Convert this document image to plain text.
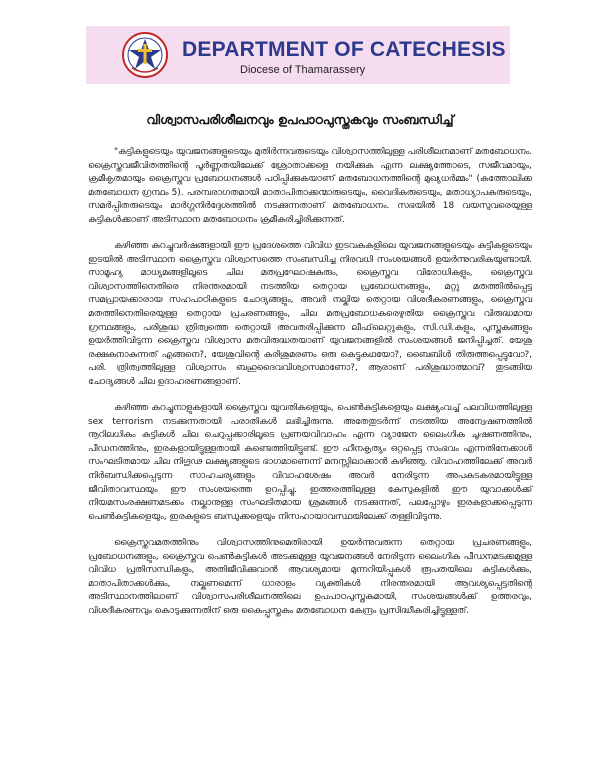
DEPARTMENT OF CATECHESIS
Diocese of Thamarassery
വിശ്വാസപരിശീലനവും ഉപപാഠപുസ്തകവും സംബന്ധിച്ച്

"കുട്ടികളുടെയും യുവജനങ്ങളുടെയും മുതിർന്നവരുടെയും വിശ്വാസത്തിലുള്ള പരിശീലനമാണ് മതബോധനം. ക്രൈസ്തവജീവിതത്തിന്റെ പൂർണ്ണതയിലേക്ക് ശ്രോതാക്കളെ നയിക്കുക എന്ന ലക്ഷ്യത്തോടെ, സജീവമായും, ക്രമീകൃതമായും ക്രൈസ്തവ പ്രബോധനങ്ങൾ പഠിപ്പിക്കുകയാണ് മതബോധനത്തിന്റെ മുഖ്യധർമ്മം" (കത്തോലിക്ക മതബോധന ഗ്രന്ഥം 5). പരമ്പരാഗതമായി മാതാപിതാക്കന്മാരുടെയും, വൈദികരുടെയും, മതാധ്യാപകരുടെയും, സമർപ്പിതരുടെയും മാർഗ്ഗനിർദ്ദേശത്തിൽ നടക്കുന്നതാണ് മതബോധനം. സഭയിൽ 18 വയസുവരെയുള്ള കുട്ടികൾക്കാണ് അടിസ്ഥാന മതബോധനം ക്രമീകരിച്ചിരിക്കുന്നത്.

കഴിഞ്ഞ കുറച്ചുവർഷങ്ങളായി ഈ പ്രദേശത്തെ വിവിധ ഇടവകകളിലെ യുവജനങ്ങളുടെയും കുട്ടികളുടെയും ഇടയിൽ അടിസ്ഥാന ക്രൈസ്തവ വിശ്വാസത്തെ സംബന്ധിച്ച നിരവധി സംശയങ്ങൾ ഉയർന്നുവരികയുണ്ടായി. സാമൂഹ്യ മാധ്യമങ്ങളിലൂടെ ചില മതപ്രഘോഷകരും, ക്രൈസ്തവ വിരോധികളും, ക്രൈസ്തവ വിശ്വാസത്തിനെതിരെ നിരന്തരമായി നടത്തിയ തെറ്റായ പ്രബോധനങ്ങളും, മറ്റു മതത്തിൽപ്പെട്ട സമപ്രായക്കാരായ സഹപാഠികളുടെ ചോദ്യങ്ങളും, അവർ നല്കിയ തെറ്റായ വിശദീകരണങ്ങളും, ക്രൈസ്തവ മതത്തിനെതിരെയുള്ള തെറ്റായ പ്രചരണങ്ങളും, ചില മതപ്രബോധകരെഴുതിയ ക്രൈസ്തവ വിരുദ്ധമായ ഗ്രന്ഥങ്ങളും, പരിശുദ്ധ ത്രിത്വത്തെ തെറ്റായി അവതരിപ്പിക്കുന്ന ലീഫ്‌ലെറ്റുകളും, സി.ഡി.കളും, പുസ്തകങ്ങളും ഉയർത്തിവിടുന്ന ക്രൈസ്തവ വിശ്വാസ മതവിരുദ്ധതയാണ് യുവജനങ്ങളിൽ സംശയങ്ങൾ ജനിപ്പിച്ചത്. യേശു രക്ഷകനാകുന്നത് എങ്ങനെ?, യേശുവിന്റെ കുരിശുമരണം ഒരു കെട്ടുകഥയോ?, ബൈബിൾ തിരുത്തപ്പെട്ടുവോ?, പരി. ത്രിത്വത്തിലുള്ള വിശ്വാസം ബഹുദൈവവിശ്വാസമാണോ?, ആരാണ് പരിശുദ്ധാത്മാവ്? തുടങ്ങിയ ചോദ്യങ്ങൾ ചില ഉദാഹരണങ്ങളാണ്.

കഴിഞ്ഞ കുറച്ചുനാളുകളായി ക്രൈസ്തവ യുവതികളെയും, പെൺകുട്ടികളെയും ലക്ഷ്യംവച്ച് പലവിധത്തിലുള്ള sex terrorism നടക്കുന്നതായി പരാതികൾ ലഭിച്ചിരുന്നു. അതേതുടർന്ന് നടത്തിയ അന്വേഷണത്തിൽ നൂറിലധികം കുട്ടികൾ ചില ചെറുപ്പക്കാരിലൂടെ പ്രണയവിവാഹം എന്ന വ്യാജേന ലൈംഗിക ചൂഷണത്തിനും, പീഡനത്തിനും, ഇരകളായിട്ടുള്ളതായി കണ്ടെത്തിയിട്ടുണ്ട്. ഈ ഹീനകൃത്യം ഒറ്റപ്പെട്ട സംഭവം എന്നതിനേക്കാൾ സംഘടിതമായ ചില നിഗൂഢ ലക്ഷ്യങ്ങളുടെ ഭാഗമാണെന്ന് മനസ്സിലാക്കാൻ കഴിഞ്ഞു. വിവാഹത്തിലേക്ക് അവർ നിർബന്ധിക്കപ്പെടുന്ന സാഹചര്യങ്ങളും വിവാഹശേഷം അവർ നേരിടുന്ന അപകടകരമായിട്ടുള്ള ജീവിതാവസ്ഥയും ഈ സംശയത്തെ ഉറപ്പിച്ചു. ഇത്തരത്തിലുള്ള കേസുകളിൽ ഈ യുവാക്കൾക്ക് നിയമസംരക്ഷണമടക്കം നല്കാനുള്ള സംഘടിതമായ ശ്രമങ്ങൾ നടക്കുന്നത്, പലപ്പോഴും ഇരകളാക്കപ്പെടുന്ന പെൺകുട്ടികളെയും, ഇരകളുടെ ബന്ധുക്കളെയും നിസഹായാവസ്ഥയിലേക്ക് തള്ളിവിടുന്നു.

ക്രൈസ്തവമതത്തിനും വിശ്വാസത്തിനുമെതിരായി ഉയർന്നുവരുന്ന തെറ്റായ പ്രചരണങ്ങളും, പ്രബോധനങ്ങളും, ക്രൈസ്തവ പെൺകുട്ടികൾ അടക്കമുള്ള യുവജനങ്ങൾ നേരിടുന്ന ലൈംഗിക പീഡനമടക്കമുള്ള വിവിധ പ്രതിസന്ധികളും, അതിജീവിക്കുവാൻ ആവശ്യമായ മുന്നറിയിപ്പുകൾ രൂപതയിലെ കുട്ടികൾക്കും, മാതാപിതാക്കൾക്കും, നല്കണമെന്ന് ധാരാളം വ്യക്തികൾ നിരന്തരമായി ആവശ്യപ്പെട്ടതിന്റെ അടിസ്ഥാനത്തിലാണ് വിശ്വാസപരിശീലനത്തിലെ ഉപപാഠപുസ്തകമായി, സംശയങ്ങൾക്ക് ഉത്തരവും, വിശദീകരണവും കൊടുക്കുന്നതിന് ഒരു കൈപ്പുസ്തകം മതബോധന കേന്ദ്രം പ്രസിദ്ധീകരിച്ചിട്ടുള്ളത്.
